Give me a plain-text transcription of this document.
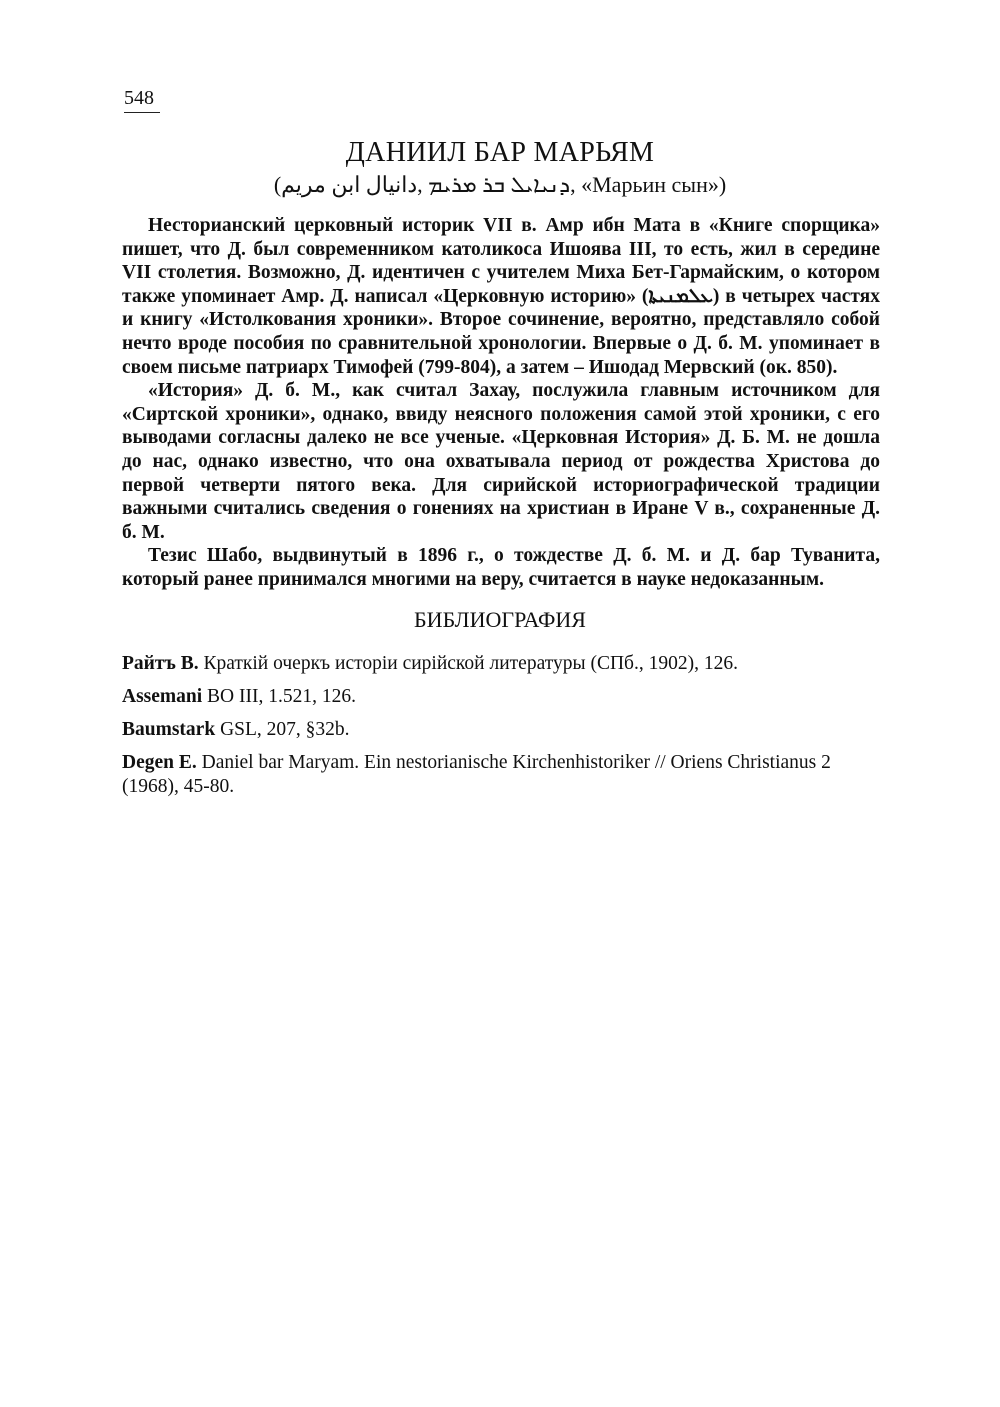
548
ДАНИИЛ БАР МАРЬЯМ
(ܕܢܝܐܝܠ ܒܪ ܡܪܝܡ ,دانيال ابن مريم, «Марьин сын»)

Несторианский церковный историк VII в. Амр ибн Мата в «Книге спорщика» пишет, что Д. был современником католикоса Ишоява III, то есть, жил в середине VII столетия. Возможно, Д. идентичен с учителем Миха Бет-Гармайским, о котором также упоминает Амр. Д. написал «Церковную историю» (ܥܠܡܢܝܬܐ) в четырех частях и книгу «Истолкования хроники». Второе сочинение, вероятно, представляло собой нечто вроде пособия по сравнительной хронологии. Впервые о Д. б. М. упоминает в своем письме патриарх Тимофей (799-804), а затем – Ишодад Мервский (ок. 850).

«История» Д. б. М., как считал Захау, послужила главным источником для «Сиртской хроники», однако, ввиду неясного положения самой этой хроники, с его выводами согласны далеко не все ученые. «Церковная История» Д. Б. М. не дошла до нас, однако известно, что она охватывала период от рождества Христова до первой четверти пятого века. Для сирийской историографической традиции важными считались сведения о гонениях на христиан в Иране V в., сохраненные Д. б. М.

Тезис Шабо, выдвинутый в 1896 г., о тождестве Д. б. М. и Д. бар Туванита, который ранее принимался многими на веру, считается в науке недоказанным.

БИБЛИОГРАФИЯ
Райтъ В. Краткій очеркъ исторіи сирійской литературы (СПб., 1902), 126.
Assemani BO III, 1.521, 126.
Baumstark GSL, 207, §32b.
Degen E. Daniel bar Maryam. Ein nestorianische Kirchenhistoriker // Oriens Christianus 2 (1968), 45-80.
